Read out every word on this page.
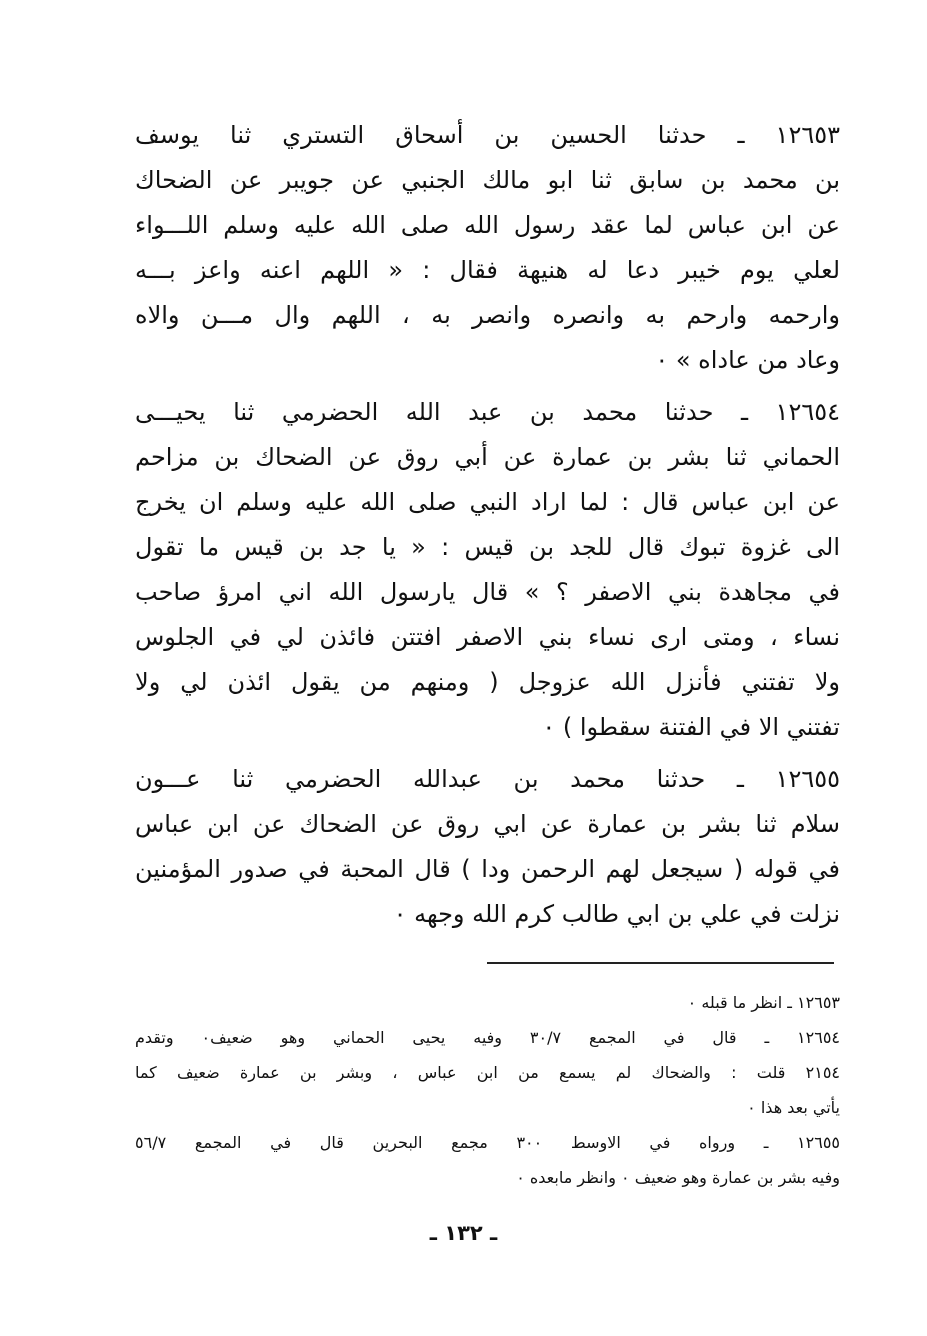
١٢٦٥٣ ـ حدثنا الحسين بن أسحاق التستري ثنا يوسف
بن محمد بن سابق ثنا ابو مالك الجنبي عن جويبر عن الضحاك
عن ابن عباس لما عقد رسول الله صلى الله عليه وسلم اللـــواء
لعلي يوم خيبر دعا له هنيهة فقال : « اللهم اعنه واعز بـــه
وارحمه وارحم به وانصره وانصر به ، اللهم وال مـــن والاه
وعاد من عاداه » ٠
١٢٦٥٤ ـ حدثنا محمد بن عبد الله الحضرمي ثنا يحيـــى
الحماني ثنا بشر بن عمارة عن أبي روق عن الضحاك بن مزاحم
عن ابن عباس قال : لما اراد النبي صلى الله عليه وسلم ان يخرج
الى غزوة تبوك قال للجد بن قيس : « يا جد بن قيس ما تقول
في مجاهدة بني الاصفر ؟ » قال يارسول الله اني امرؤ صاحب
نساء ، ومتى ارى نساء بني الاصفر افتتن فائذن لي في الجلوس
ولا تفتني فأنزل الله عزوجل ( ومنهم من يقول ائذن لي ولا
تفتني الا في الفتنة سقطوا ) ٠
١٢٦٥٥ ـ حدثنا محمد بن عبدالله الحضرمي ثنا عـــون
سلام ثنا بشر بن عمارة عن ابي روق عن الضحاك عن ابن عباس
في قوله ( سيجعل لهم الرحمن ودا ) قال المحبة في صدور المؤمنين
نزلت في علي بن ابي طالب كرم الله وجهه ٠
١٢٦٥٣ ـ انظر ما قبله ٠
١٢٦٥٤ ـ قال في المجمع ٣٠/٧ وفيه يحيى الحماني وهو ضعيف٠ وتقدم
٢١٥٤ قلت : والضحاك لم يسمع من ابن عباس ، وبشر بن عمارة ضعيف كما
يأتي بعد هذا ٠
١٢٦٥٥ ـ ورواه في الاوسط ٣٠٠ مجمع البحرين قال في المجمع ٥٦/٧
وفيه بشر بن عمارة وهو ضعيف ٠ وانظر مابعده ٠
ـ ١٣٢ ـ
